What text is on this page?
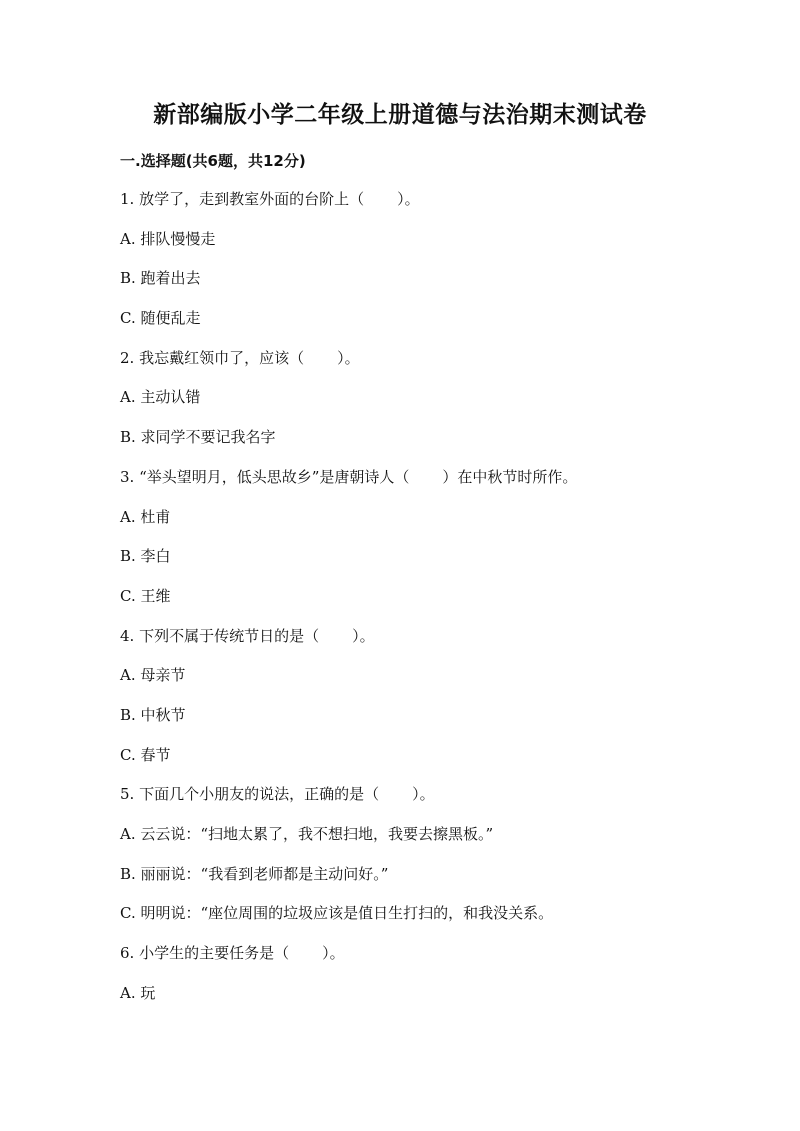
新部编版小学二年级上册道德与法治期末测试卷
一.选择题(共6题，共12分)
1. 放学了，走到教室外面的台阶上（ ）。
A. 排队慢慢走
B. 跑着出去
C. 随便乱走
2. 我忘戴红领巾了，应该（ ）。
A. 主动认错
B. 求同学不要记我名字
3. “举头望明月，低头思故乡”是唐朝诗人（ ）在中秋节时所作。
A. 杜甫
B. 李白
C. 王维
4. 下列不属于传统节日的是（ ）。
A. 母亲节
B. 中秋节
C. 春节
5. 下面几个小朋友的说法，正确的是（ ）。
A. 云云说：“扫地太累了，我不想扫地，我要去擦黑板。”
B. 丽丽说：“我看到老师都是主动问好。”
C. 明明说：“座位周围的垃圾应该是值日生打扫的，和我没关系。
6. 小学生的主要任务是（ ）。
A. 玩
